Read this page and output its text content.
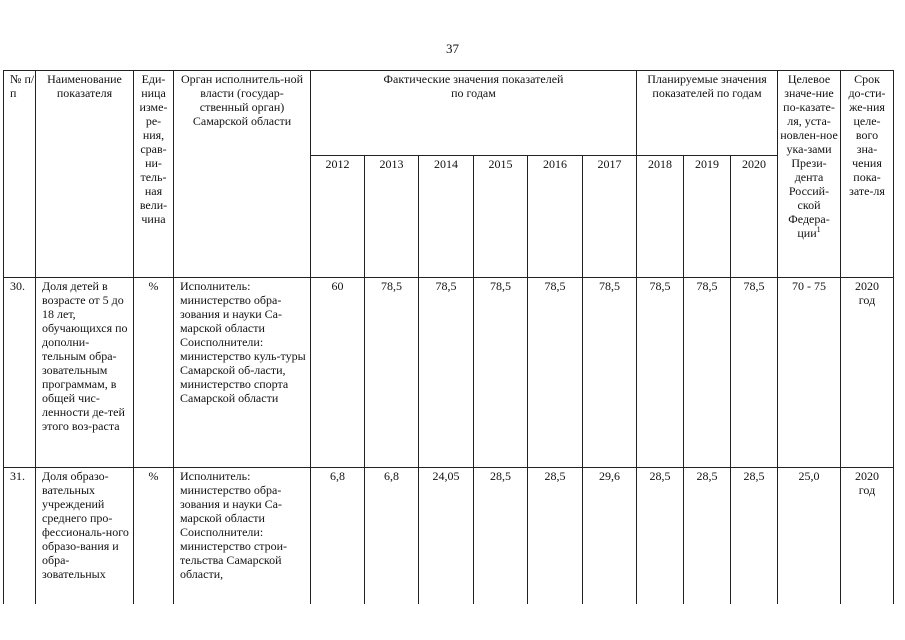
37
№ п/п	Наименование показателя	Еди-ница изме-ре-ния, срав-ни-тель-ная вели-чина	Орган исполнитель-ной власти (государ-ственный орган) Самарской области	Фактические значения показателей по годам						Планируемые значения показателей по годам			Целевое значе-ние по-казате-ля, уста-новлен-ное ука-зами Прези-дента Россий-ской Федера-ции$^1$	Срок до-сти-же-ния целе-вого зна-чения пока-зате-ля
				2012	2013	2014	2015	2016	2017	2018	2019	2020		
30.	Доля детей в возрасте от 5 до 18 лет, обучающихся по дополни-тельным обра-зовательным программам, в общей чис-ленности де-тей этого воз-раста	%	Исполнитель: министерство обра-зования и науки Са-марской области Соисполнители: министерство куль-туры Самарской об-ласти, министерство спорта Самарской области	60	78,5	78,5	78,5	78,5	78,5	78,5	78,5	78,5	70 - 75	2020 год
31.	Доля образо-вательных учреждений среднего про-фессиональ-ного образо-вания и обра-зовательных	%	Исполнитель: министерство обра-зования и науки Са-марской области Соисполнители: министерство строи-тельства Самарской области,	6,8	6,8	24,05	28,5	28,5	29,6	28,5	28,5	28,5	25,0	2020 год
